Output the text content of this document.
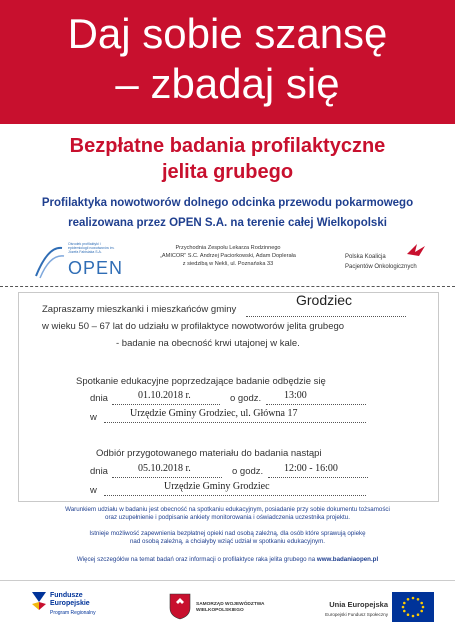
Daj sobie szansę
– zbadaj się
Bezpłatne badania profilaktyczne
jelita grubego
Profilaktyka nowotworów dolnego odcinka przewodu pokarmowego
realizowana przez OPEN S.A. na terenie całej Wielkopolski
Ośrodek profilaktyki i epidemiologii nowotworów im. Józefa Fabisiaka S.A.
OPEN
Przychodnia Zespołu Lekarza Rodzinnego
„AMICOR” S.C. Andrzej Paciorkowski, Adam Doplerała
z siedzibą w Nekli, ul. Poznańska 33
Polska Koalicja
Pacjentów Onkologicznych
Zapraszamy mieszkanki i mieszkańców gminy
Grodziec
w wieku 50 – 67 lat do udziału w profilaktyce nowotworów jelita grubego
- badanie na obecność krwi utajonej w kale.
Spotkanie edukacyjne poprzedzające badanie odbędzie się
dnia	01.10.2018 r.	o godz. 13:00
w	Urzędzie Gminy Grodziec, ul. Główna 17
Odbiór przygotowanego materiału do badania nastąpi
dnia	05.10.2018 r.	o godz. 12:00 - 16:00
w	Urzędzie Gminy Grodziec
Warunkiem udziału w badaniu jest obecność na spotkaniu edukacyjnym, posiadanie przy sobie dokumentu tożsamości
oraz uzupełnienie i podpisanie ankiety monitorowania i oświadczenia uczestnika projektu.
Istnieje możliwość zapewnienia bezpłatnej opieki nad osobą zależną, dla osób które sprawują opiekę
nad osobą zależną, a chciałyby wziąć udział w spotkaniu edukacyjnym.
Więcej szczegółów na temat badań oraz informacji o profilaktyce raka jelita grubego na www.badaniaopen.pl
Fundusze
Europejskie
Program Regionalny
SAMORZĄD WOJEWÓDZTWA
WIELKOPOLSKIEGO
Unia Europejska
Europejski Fundusz Społeczny
